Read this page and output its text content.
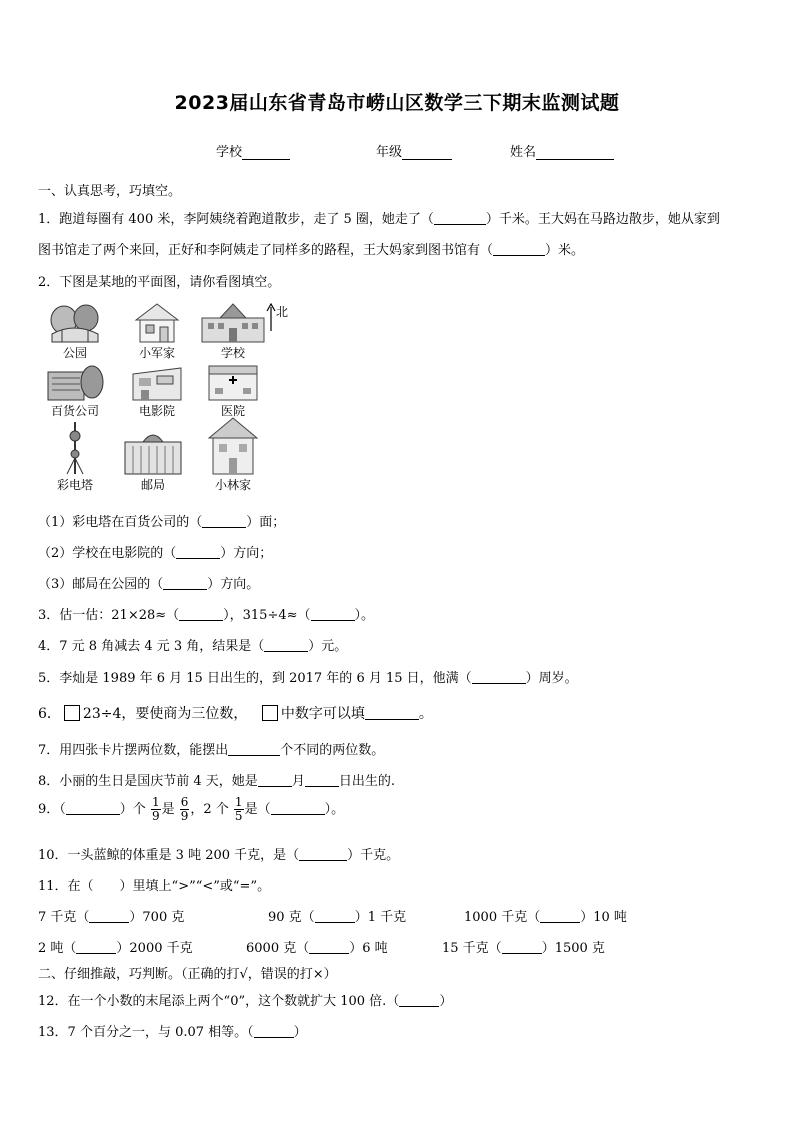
2023届山东省青岛市崂山区数学三下期末监测试题
学校	年级	姓名
一、认真思考，巧填空。
1．跑道每圈有 400 米，李阿姨绕着跑道散步，走了 5 圈，她走了（	）千米。王大妈在马路边散步，她从家到
图书馆走了两个来回，正好和李阿姨走了同样多的路程，王大妈家到图书馆有（	）米。
2．下图是某地的平面图，请你看图填空。
公园	小军家	学校
百货公司	电影院	医院
彩电塔	邮局	小林家
北
（1）彩电塔在百货公司的（	）面；
（2）学校在电影院的（	）方向；
（3）邮局在公园的（	）方向。
3．估一估：21×28≈（	），315÷4≈（	）。
4．7 元 8 角减去 4 元 3 角，结果是（	）元。
5．李灿是 1989 年 6 月 15 日出生的，到 2017 年的 6 月 15 日，他满（	）周岁。
6． 23÷4，要使商为三位数， 中数字可以填	。
7．用四张卡片摆两位数，能摆出	个不同的两位数。
8．小丽的生日是国庆节前 4 天，她是	月	日出生的.
9．（	）个 $\frac{1}{9}$ 是 $\frac{6}{9}$ ，2 个 $\frac{1}{5}$ 是（	）。
10．一头蓝鲸的体重是 3 吨 200 千克，是（	）千克。
11．在（　　）里填上“>”“<”或“=”。
7 千克（	）700 克	90 克（	）1 千克	1000 千克（	）10 吨
2 吨（	）2000 千克	6000 克（	）6 吨	15 千克（	）1500 克
二、仔细推敲，巧判断。（正确的打√，错误的打×）
12．在一个小数的末尾添上两个“0”，这个数就扩大 100 倍.（	）
13．7 个百分之一，与 0.07 相等。（	）
